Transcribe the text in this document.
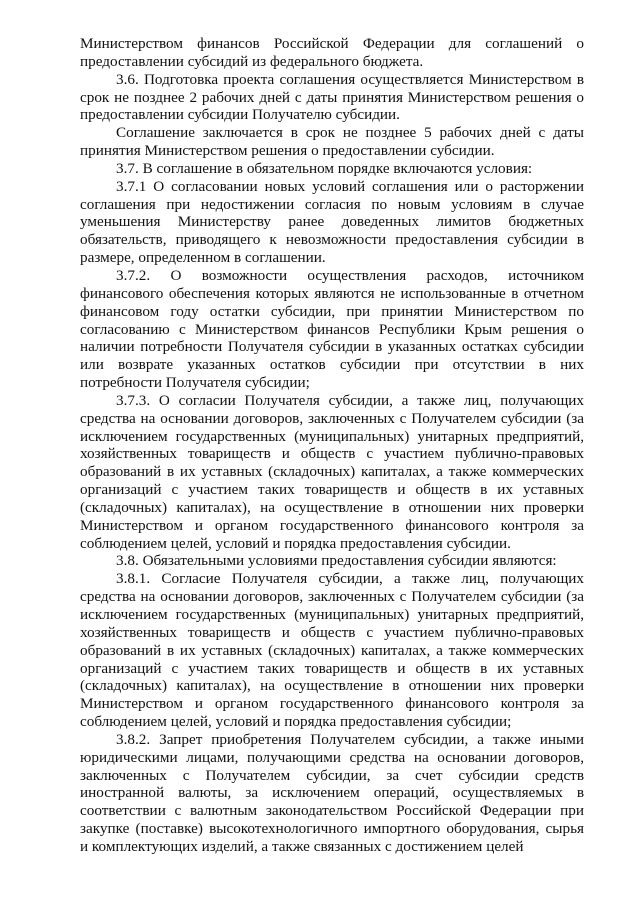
Министерством финансов Российской Федерации для соглашений о предоставлении субсидий из федерального бюджета.

3.6. Подготовка проекта соглашения осуществляется Министерством в срок не позднее 2 рабочих дней с даты принятия Министерством решения о предоставлении субсидии Получателю субсидии.

Соглашение заключается в срок не позднее 5 рабочих дней с даты принятия Министерством решения о предоставлении субсидии.

3.7. В соглашение в обязательном порядке включаются условия:

3.7.1 О согласовании новых условий соглашения или о расторжении соглашения при недостижении согласия по новым условиям в случае уменьшения Министерству ранее доведенных лимитов бюджетных обязательств, приводящего к невозможности предоставления субсидии в размере, определенном в соглашении.

3.7.2. О возможности осуществления расходов, источником финансового обеспечения которых являются не использованные в отчетном финансовом году остатки субсидии, при принятии Министерством по согласованию с Министерством финансов Республики Крым решения о наличии потребности Получателя субсидии в указанных остатках субсидии или возврате указанных остатков субсидии при отсутствии в них потребности Получателя субсидии;

3.7.3. О согласии Получателя субсидии, а также лиц, получающих средства на основании договоров, заключенных с Получателем субсидии (за исключением государственных (муниципальных) унитарных предприятий, хозяйственных товариществ и обществ с участием публично-правовых образований в их уставных (складочных) капиталах, а также коммерческих организаций с участием таких товариществ и обществ в их уставных (складочных) капиталах), на осуществление в отношении них проверки Министерством и органом государственного финансового контроля за соблюдением целей, условий и порядка предоставления субсидии.

3.8. Обязательными условиями предоставления субсидии являются:

3.8.1. Согласие Получателя субсидии, а также лиц, получающих средства на основании договоров, заключенных с Получателем субсидии (за исключением государственных (муниципальных) унитарных предприятий, хозяйственных товариществ и обществ с участием публично-правовых образований в их уставных (складочных) капиталах, а также коммерческих организаций с участием таких товариществ и обществ в их уставных (складочных) капиталах), на осуществление в отношении них проверки Министерством и органом государственного финансового контроля за соблюдением целей, условий и порядка предоставления субсидии;

3.8.2. Запрет приобретения Получателем субсидии, а также иными юридическими лицами, получающими средства на основании договоров, заключенных с Получателем субсидии, за счет субсидии средств иностранной валюты, за исключением операций, осуществляемых в соответствии с валютным законодательством Российской Федерации при закупке (поставке) высокотехнологичного импортного оборудования, сырья и комплектующих изделий, а также связанных с достижением целей
